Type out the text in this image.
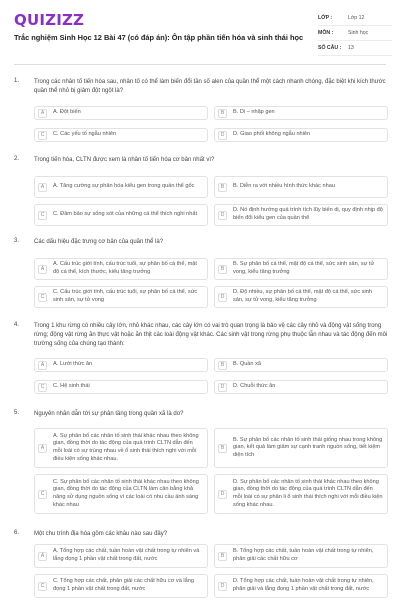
QUIZIZZ
Trắc nghiệm Sinh Học 12 Bài 47 (có đáp án): Ôn tập phần tiến hóa và sinh thái học
LỚP :	Lớp 12
MÔN :	Sinh học
SỐ CÂU :	13
1. Trong các nhân tố tiến hóa sau, nhân tố có thể làm biến đổi tần số alen của quần thể một cách nhanh chóng, đặc biệt khi kích thước quần thể nhỏ bị giảm đột ngột là?
A	A. Đột biến	B	B. Di – nhập gen
C	C. Các yếu tố ngẫu nhiên	D	D. Giao phối không ngẫu nhiên
2. Trong tiến hóa, CLTN được xem là nhân tố tiến hóa cơ bản nhất vì?
A	A. Tăng cường sự phân hóa kiểu gen trong quần thể gốc	B	B. Diễn ra với nhiều hình thức khác nhau
C	C. Đảm bảo sự sống sót của những cá thể thích nghi nhất	D
D. Nó định hướng quá trình tích lũy biến dị, quy định nhịp độ biến đổi kiểu gen của quần thể
3. Các dấu hiệu đặc trưng cơ bản của quần thể là?
A
A. Cấu trúc giới tính, cấu trúc tuổi, sự phân bố cá thể, mật độ cá thể, kích thước, kiểu tăng trưởng	B
B. Sự phân bố cá thể, mật độ cá thể, sức sinh sản, sự tử vong, kiểu tăng trưởng
C
C. Cấu trúc giới tính, cấu trúc tuổi, sự phân bố cá thể, sức sinh sản, sự tử vong	D
D. Độ nhiều, sự phân bố cá thể, mật độ cá thể, sức sinh sản, sự tử vong, kiểu tăng trưởng
4. Trong 1 khu rừng có nhiều cây lớn, nhỏ khác nhau, các cây lớn có vai trò quan trọng là bảo vệ các cây nhỏ và động vật sống trong rừng; động vật rừng ăn thực vật hoặc ăn thịt các loài động vật khác. Các sinh vật trong rừng phụ thuộc lẫn nhau và tác động đến môi trường sống của chúng tạo thành:
A	A. Lưới thức ăn	B	B. Quần xã
C	C. Hệ sinh thái	D	D. Chuỗi thức ăn
5. Nguyên nhân dẫn tới sự phân tầng trong quần xã là do?
A
A. Sự phân bố các nhân tố sinh thái khác nhau theo không gian, đồng thời do tác động của quá trình CLTN dẫn đến mỗi loài có sự trùng nhau về ổ sinh thái thích nghi với mỗi điều kiện sống khác nhau.
B
B. Sự phân bố các nhân tố sinh thái giống nhau trong không gian, kết quả làm giảm sự cạnh tranh nguồn sống, tiết kiệm diện tích
C
C. Sự phân bố các nhân tố sinh thái khác nhau theo không gian, đồng thời do tác động của CLTN làm cân bằng khả năng sử dụng nguồn sống vì các loài có nhu cầu ánh sáng khác nhau
D
D. Sự phân bố các nhân tố sinh thái khác nhau theo không gian, đồng thời do tác động của quá trình CLTN dẫn đến mỗi loài có sự phân li ổ sinh thái thích nghi với mỗi điều kiện sống khác nhau.
6. Một chu trình địa hóa gồm các khâu nào sau đây?
A
A. Tổng hợp các chất, tuần hoàn vật chất trong tự nhiên và lắng đọng 1 phần vật chất trong đất, nước	B
B. Tổng hợp các chất, tuần hoàn vật chất trong tự nhiên, phân giải các chất hữu cơ
C
C. Tổng hợp các chất, phân giải các chất hữu cơ và lắng đọng 1 phần vật chất trong đất, nước	D
D. Tổng hợp các chất, tuần hoàn vật chất trong tự nhiên, phân giải và lắng đọng 1 phần vật chất trong đất, nước
